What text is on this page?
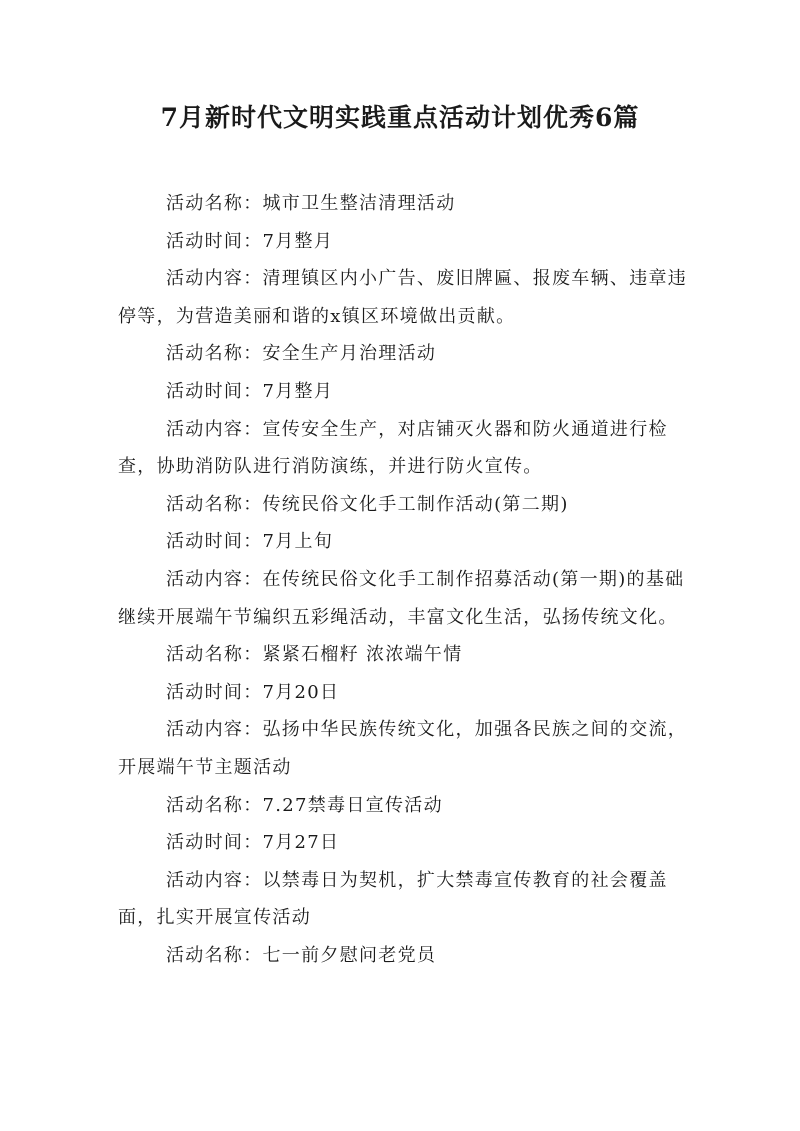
7月新时代文明实践重点活动计划优秀6篇

活动名称：城市卫生整洁清理活动

活动时间：7月整月

活动内容：清理镇区内小广告、废旧牌匾、报废车辆、违章违停等，为营造美丽和谐的x镇区环境做出贡献。

活动名称：安全生产月治理活动

活动时间：7月整月

活动内容：宣传安全生产，对店铺灭火器和防火通道进行检查，协助消防队进行消防演练，并进行防火宣传。

活动名称：传统民俗文化手工制作活动(第二期)

活动时间：7月上旬

活动内容：在传统民俗文化手工制作招募活动(第一期)的基础继续开展端午节编织五彩绳活动，丰富文化生活，弘扬传统文化。

活动名称：紧紧石榴籽 浓浓端午情

活动时间：7月20日

活动内容：弘扬中华民族传统文化，加强各民族之间的交流，开展端午节主题活动

活动名称：7.27禁毒日宣传活动

活动时间：7月27日

活动内容：以禁毒日为契机，扩大禁毒宣传教育的社会覆盖面，扎实开展宣传活动

活动名称：七一前夕慰问老党员
